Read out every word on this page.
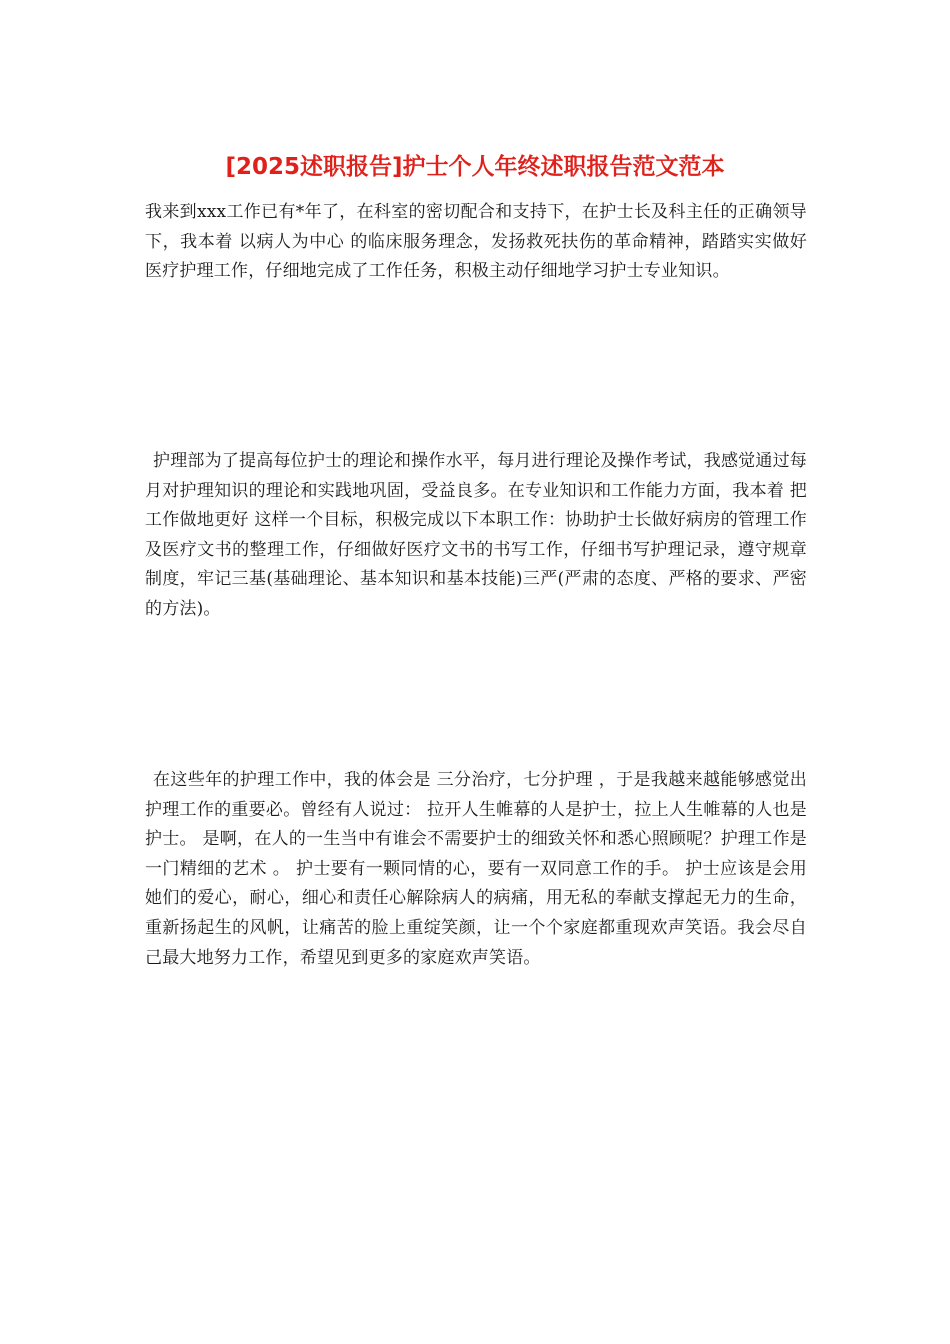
[2025述职报告]护士个人年终述职报告范文范本

我来到xxx工作已有*年了，在科室的密切配合和支持下，在护士长及科主任的正确领导下，我本着 以病人为中心 的临床服务理念，发扬救死扶伤的革命精神，踏踏实实做好医疗护理工作，仔细地完成了工作任务，积极主动仔细地学习护士专业知识。

护理部为了提高每位护士的理论和操作水平，每月进行理论及操作考试，我感觉通过每月对护理知识的理论和实践地巩固，受益良多。在专业知识和工作能力方面，我本着 把工作做地更好 这样一个目标，积极完成以下本职工作：协助护士长做好病房的管理工作及医疗文书的整理工作，仔细做好医疗文书的书写工作，仔细书写护理记录，遵守规章制度，牢记三基(基础理论、基本知识和基本技能)三严(严肃的态度、严格的要求、严密的方法)。

在这些年的护理工作中，我的体会是 三分治疗，七分护理 ，于是我越来越能够感觉出护理工作的重要必。曾经有人说过： 拉开人生帷幕的人是护士，拉上人生帷幕的人也是护士。 是啊，在人的一生当中有谁会不需要护士的细致关怀和悉心照顾呢？护理工作是一门精细的艺术 。 护士要有一颗同情的心，要有一双同意工作的手。 护士应该是会用她们的爱心，耐心，细心和责任心解除病人的病痛，用无私的奉献支撑起无力的生命，重新扬起生的风帆，让痛苦的脸上重绽笑颜，让一个个家庭都重现欢声笑语。我会尽自己最大地努力工作，希望见到更多的家庭欢声笑语。
